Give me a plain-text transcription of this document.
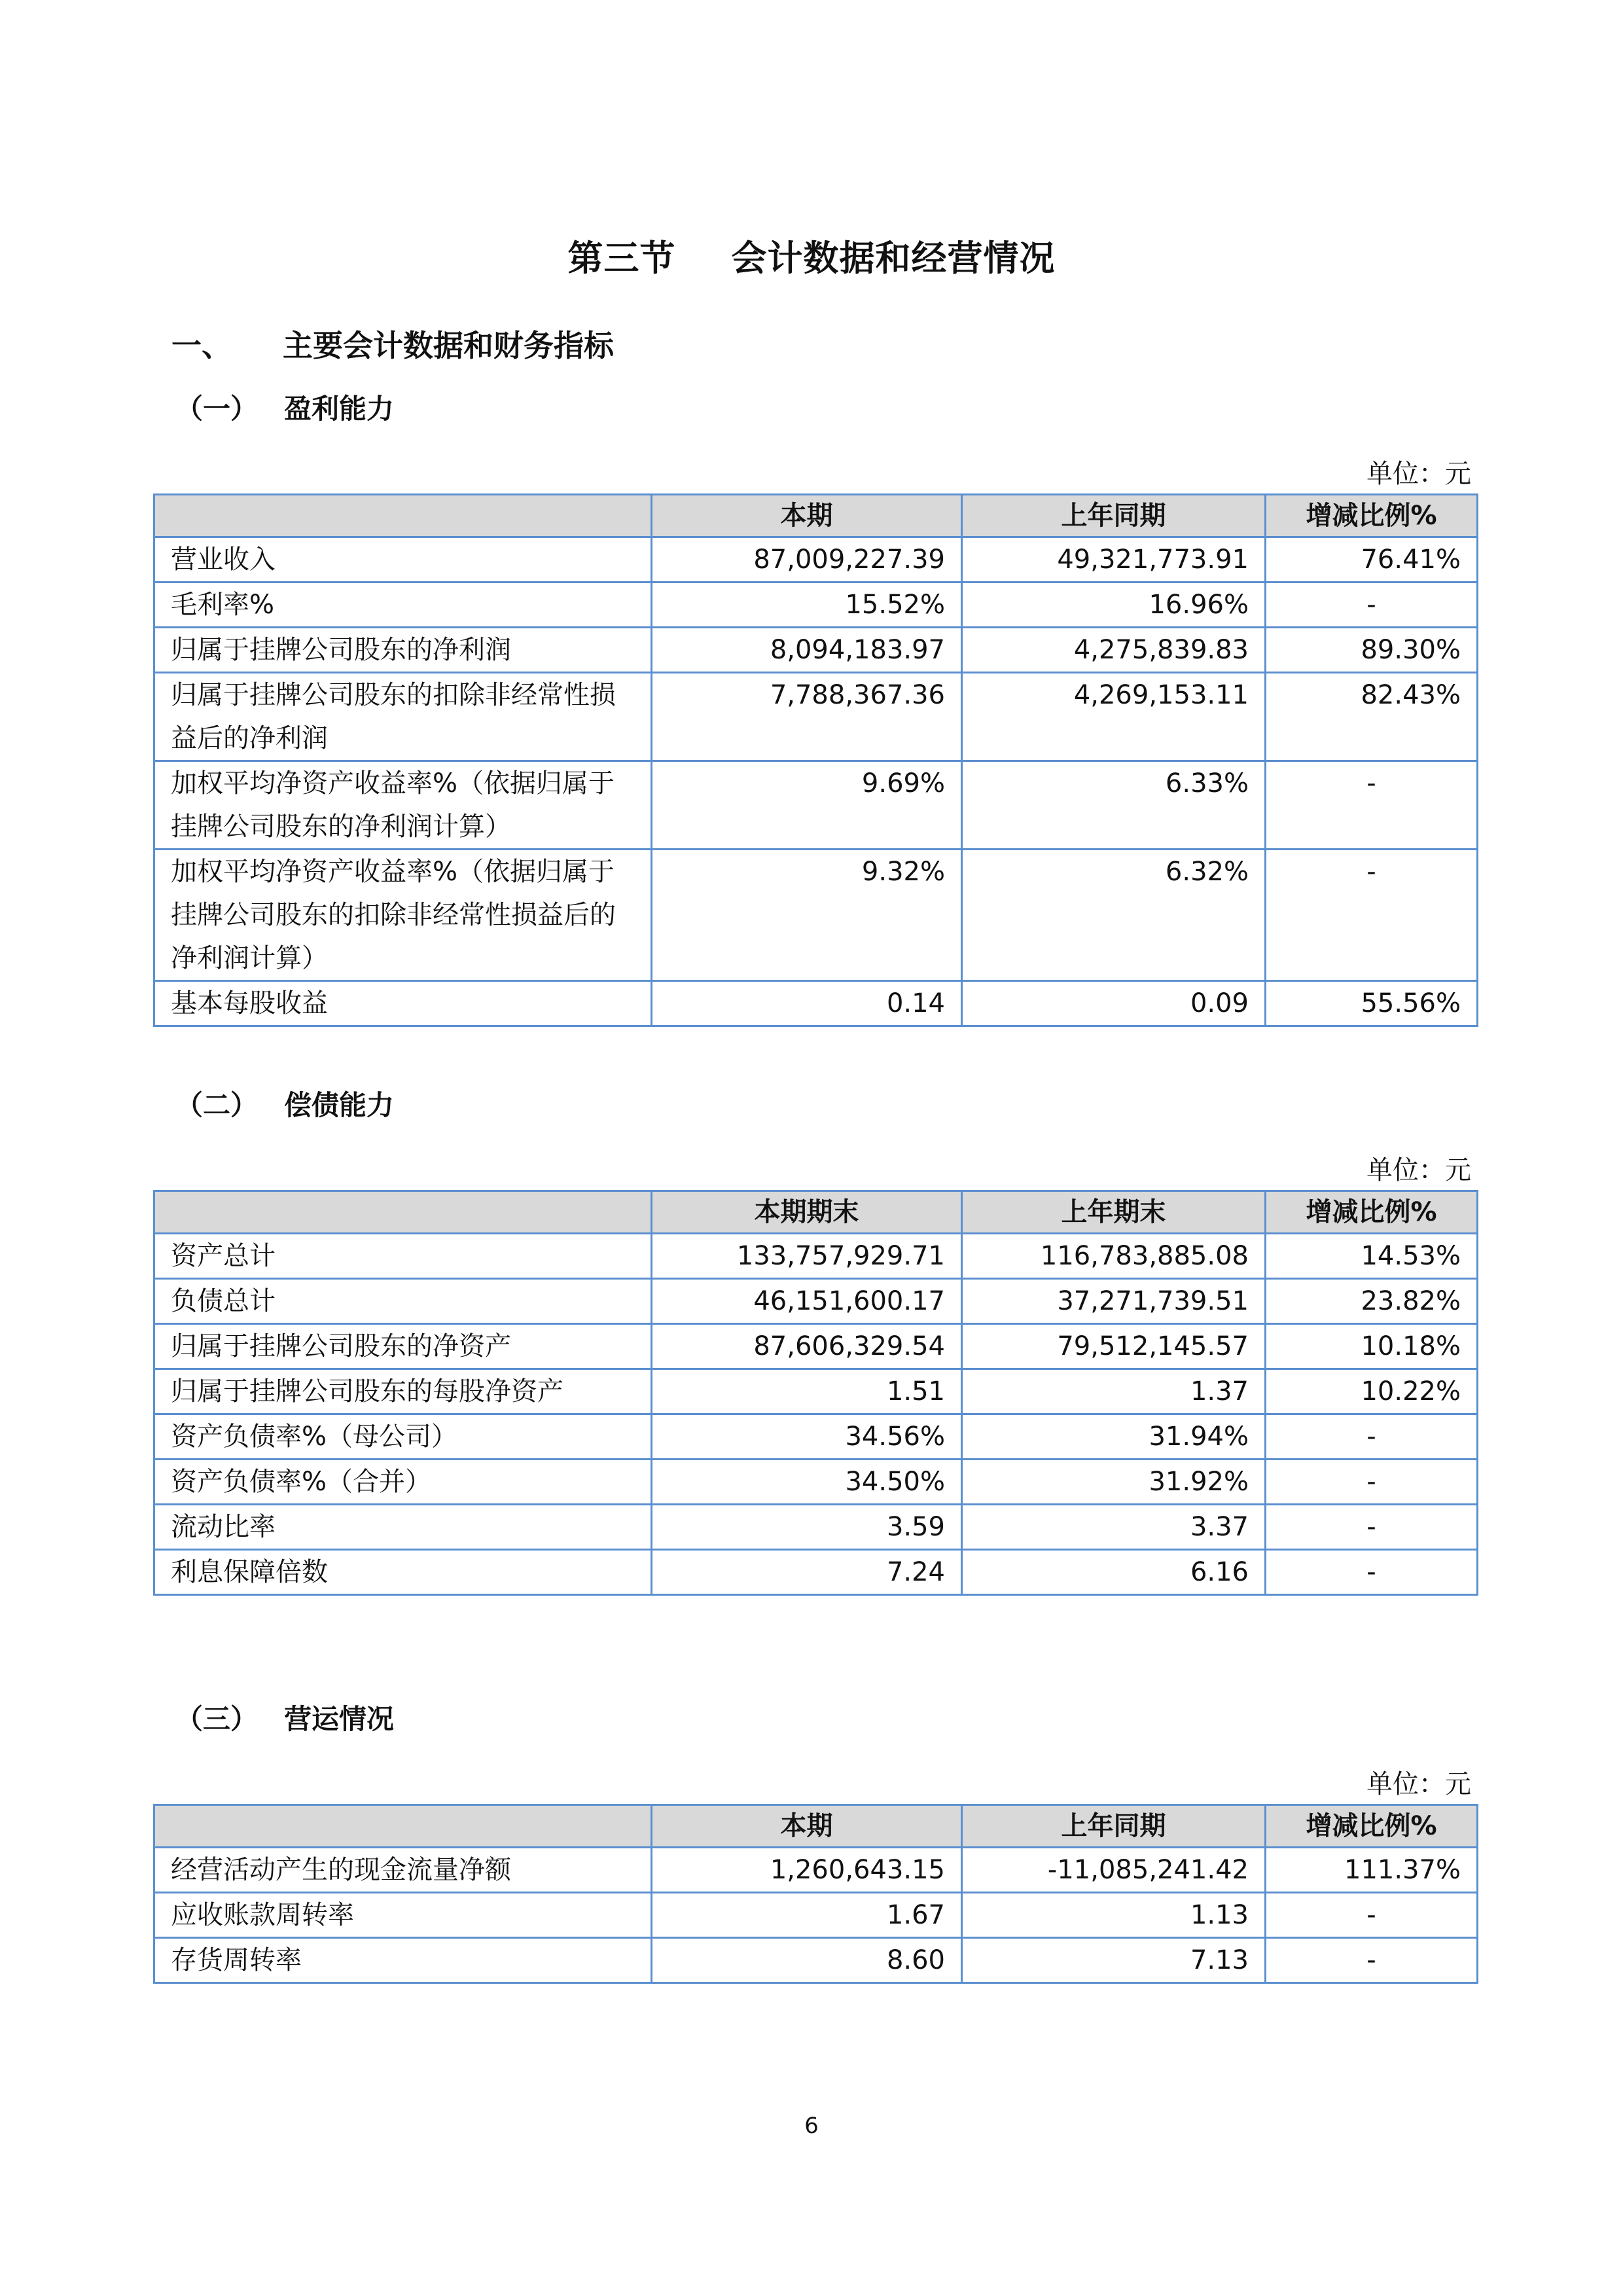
第三节 会计数据和经营情况
一、 主要会计数据和财务指标
（一） 盈利能力
单位：元
	本期	上年同期	增减比例%
营业收入	87,009,227.39	49,321,773.91	76.41%
毛利率%	15.52%	16.96%	-
归属于挂牌公司股东的净利润	8,094,183.97	4,275,839.83	89.30%
归属于挂牌公司股东的扣除非经常性损益后的净利润	7,788,367.36	4,269,153.11	82.43%
加权平均净资产收益率%（依据归属于挂牌公司股东的净利润计算）	9.69%	6.33%	-
加权平均净资产收益率%（依据归属于挂牌公司股东的扣除非经常性损益后的净利润计算）	9.32%	6.32%	-
基本每股收益	0.14	0.09	55.56%
（二） 偿债能力
单位：元
	本期期末	上年期末	增减比例%
资产总计	133,757,929.71	116,783,885.08	14.53%
负债总计	46,151,600.17	37,271,739.51	23.82%
归属于挂牌公司股东的净资产	87,606,329.54	79,512,145.57	10.18%
归属于挂牌公司股东的每股净资产	1.51	1.37	10.22%
资产负债率%（母公司）	34.56%	31.94%	-
资产负债率%（合并）	34.50%	31.92%	-
流动比率	3.59	3.37	-
利息保障倍数	7.24	6.16	-
（三） 营运情况
单位：元
	本期	上年同期	增减比例%
经营活动产生的现金流量净额	1,260,643.15	-11,085,241.42	111.37%
应收账款周转率	1.67	1.13	-
存货周转率	8.60	7.13	-
6
